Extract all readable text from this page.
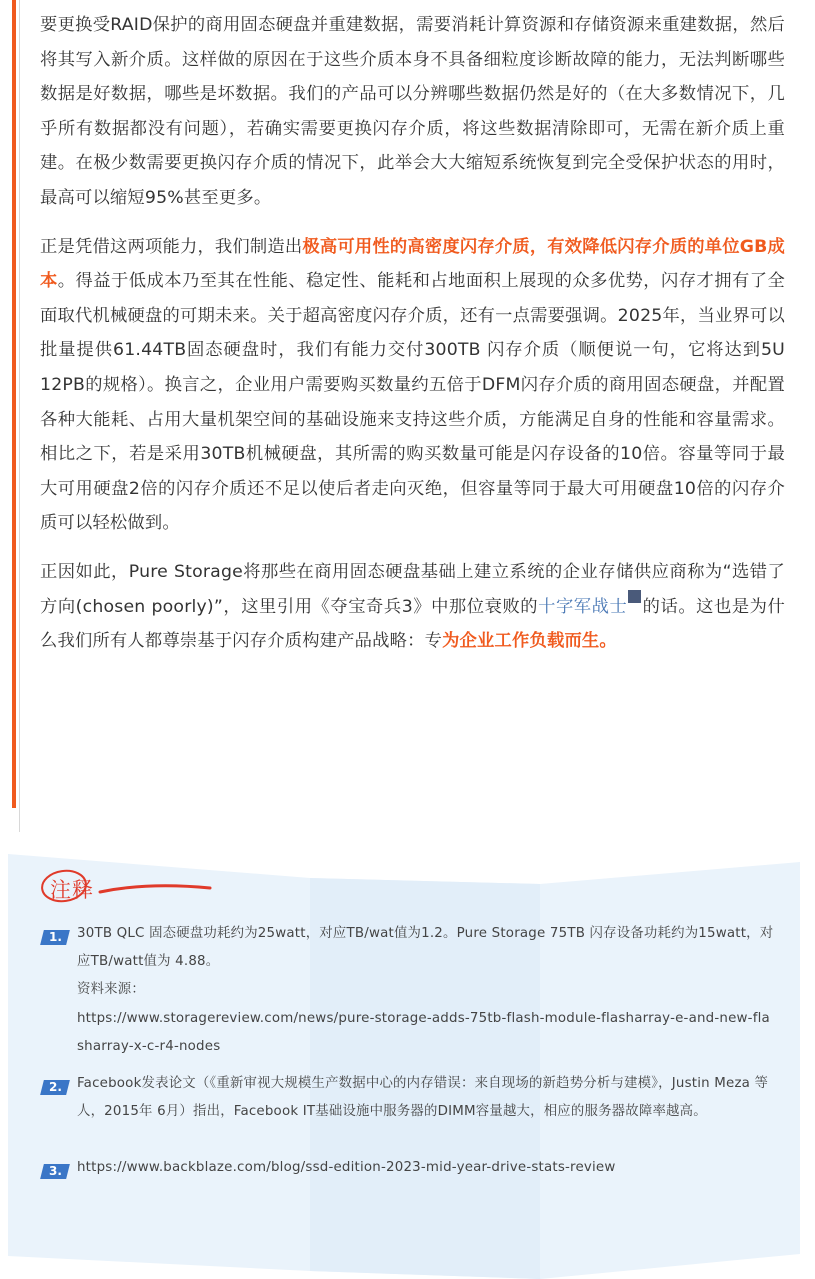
要更换受RAID保护的商用固态硬盘并重建数据，需要消耗计算资源和存储资源来重建数据，然后将其写入新介质。这样做的原因在于这些介质本身不具备细粒度诊断故障的能力，无法判断哪些数据是好数据，哪些是坏数据。我们的产品可以分辨哪些数据仍然是好的（在大多数情况下，几乎所有数据都没有问题），若确实需要更换闪存介质，将这些数据清除即可，无需在新介质上重建。在极少数需要更换闪存介质的情况下，此举会大大缩短系统恢复到完全受保护状态的用时，最高可以缩短95%甚至更多。

正是凭借这两项能力，我们制造出极高可用性的高密度闪存介质，有效降低闪存介质的单位GB成本。得益于低成本乃至其在性能、稳定性、能耗和占地面积上展现的众多优势，闪存才拥有了全面取代机械硬盘的可期未来。关于超高密度闪存介质，还有一点需要强调。2025年，当业界可以批量提供61.44TB固态硬盘时，我们有能力交付300TB 闪存介质（顺便说一句，它将达到5U 12PB的规格）。换言之，企业用户需要购买数量约五倍于DFM闪存介质的商用固态硬盘，并配置各种大能耗、占用大量机架空间的基础设施来支持这些介质，方能满足自身的性能和容量需求。相比之下，若是采用30TB机械硬盘，其所需的购买数量可能是闪存设备的10倍。容量等同于最大可用硬盘2倍的闪存介质还不足以使后者走向灭绝，但容量等同于最大可用硬盘10倍的闪存介质可以轻松做到。

正因如此，Pure Storage将那些在商用固态硬盘基础上建立系统的企业存储供应商称为“选错了方向(chosen poorly)”，这里引用《夺宝奇兵3》中那位衰败的十字军战士 的话。这也是为什么我们所有人都尊崇基于闪存介质构建产品战略：专为企业工作负载而生。

注释
1.	30TB QLC 固态硬盘功耗约为25watt，对应TB/wat值为1.2。Pure Storage 75TB 闪存设备功耗约为15watt，对应TB/watt值为 4.88。
资料来源：
https://www.storagereview.com/news/pure-storage-adds-75tb-flash-module-flasharray-e-and-new-flasharray-x-c-r4-nodes
2.	Facebook发表论文（《重新审视大规模生产数据中心的内存错误：来自现场的新趋势分析与建模》，Justin Meza 等人，2015年 6月）指出，Facebook IT基础设施中服务器的DIMM容量越大，相应的服务器故障率越高。
3.	https://www.backblaze.com/blog/ssd-edition-2023-mid-year-drive-stats-review
